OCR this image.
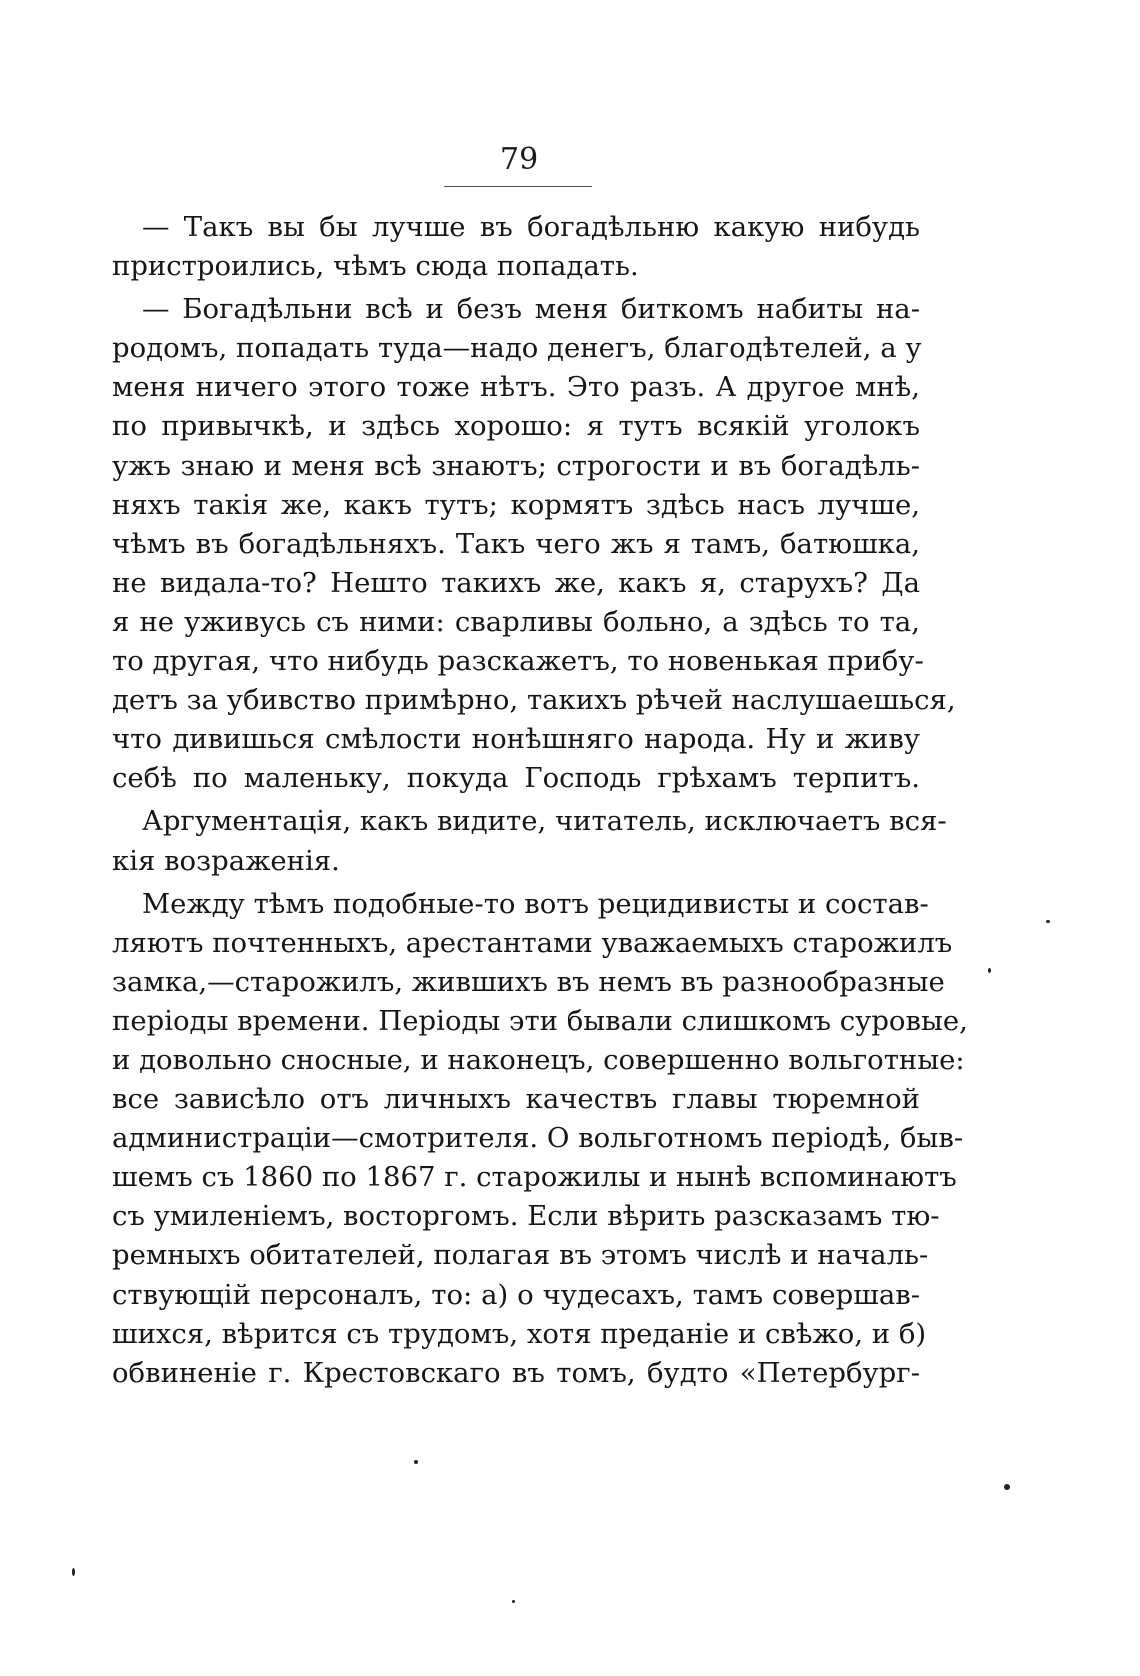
79
— Такъ вы бы лучше въ богадѣльню какую нибудь
пристроились, чѣмъ сюда попадать.
— Богадѣльни всѣ и безъ меня биткомъ набиты на-
родомъ, попадать туда—надо денегъ, благодѣтелей, а у
меня ничего этого тоже нѣтъ. Это разъ. А другое мнѣ,
по привычкѣ, и здѣсь хорошо: я тутъ всякій уголокъ
ужъ знаю и меня всѣ знаютъ; строгости и въ богадѣль-
няхъ такія же, какъ тутъ; кормятъ здѣсь насъ лучше,
чѣмъ въ богадѣльняхъ. Такъ чего жъ я тамъ, батюшка,
не видала-то? Нешто такихъ же, какъ я, старухъ? Да
я не уживусь съ ними: сварливы больно, а здѣсь то та,
то другая, что нибудь разскажетъ, то новенькая прибу-
детъ за убивство примѣрно, такихъ рѣчей наслушаешься,
что дивишься смѣлости нонѣшняго народа. Ну и живу
себѣ по маленьку, покуда Господь грѣхамъ терпитъ.
Аргументація, какъ видите, читатель, исключаетъ вся-
кія возраженія.
Между тѣмъ подобные-то вотъ рецидивисты и состав-
ляютъ почтенныхъ, арестантами уважаемыхъ старожилъ
замка,—старожилъ, жившихъ въ немъ въ разнообразные
періоды времени. Періоды эти бывали слишкомъ суровые,
и довольно сносные, и наконецъ, совершенно вольготные:
все зависѣло отъ личныхъ качествъ главы тюремной
администраціи—смотрителя. О вольготномъ періодѣ, быв-
шемъ съ 1860 по 1867 г. старожилы и нынѣ вспоминаютъ
съ умиленіемъ, восторгомъ. Если вѣрить разсказамъ тю-
ремныхъ обитателей, полагая въ этомъ числѣ и началь-
ствующій персоналъ, то: а) о чудесахъ, тамъ совершав-
шихся, вѣрится съ трудомъ, хотя преданіе и свѣжо, и б)
обвиненіе г. Крестовскаго въ томъ, будто «Петербург-
